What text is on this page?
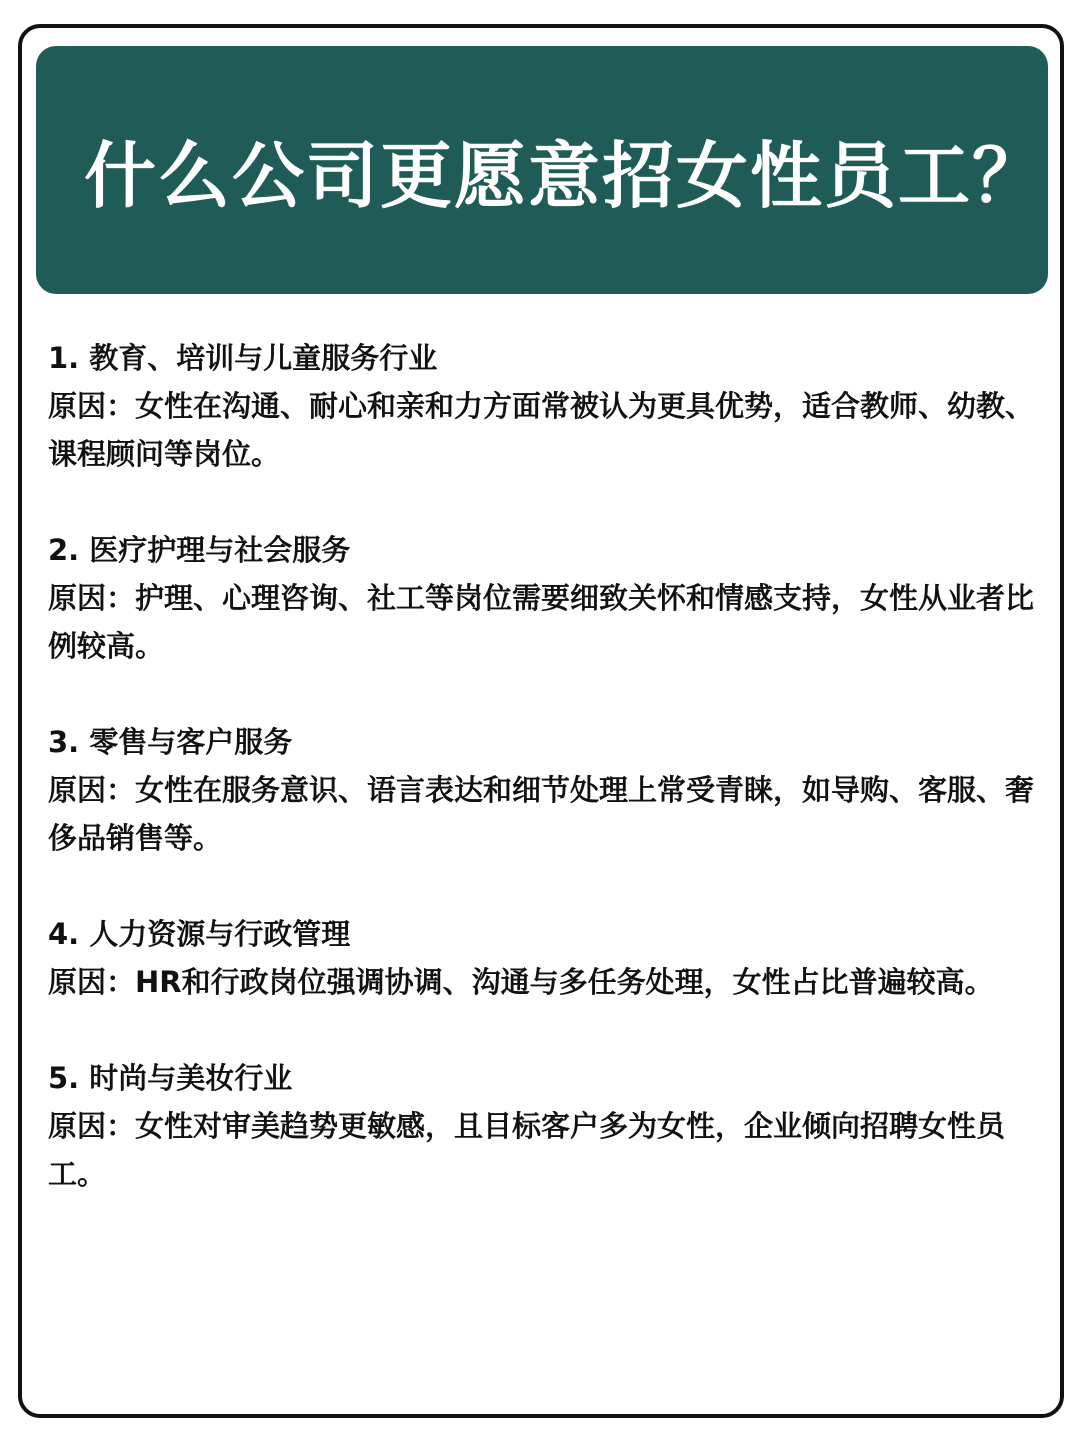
什么公司更愿意招女性员工？

1. 教育、培训与儿童服务行业

原因：女性在沟通、耐心和亲和力方面常被认为更具优势，适合教师、幼教、课程顾问等岗位。

2. 医疗护理与社会服务

原因：护理、心理咨询、社工等岗位需要细致关怀和情感支持，女性从业者比例较高。

3. 零售与客户服务

原因：女性在服务意识、语言表达和细节处理上常受青睐，如导购、客服、奢侈品销售等。

4. 人力资源与行政管理

原因：HR和行政岗位强调协调、沟通与多任务处理，女性占比普遍较高。

5. 时尚与美妆行业

原因：女性对审美趋势更敏感，且目标客户多为女性，企业倾向招聘女性员工。
